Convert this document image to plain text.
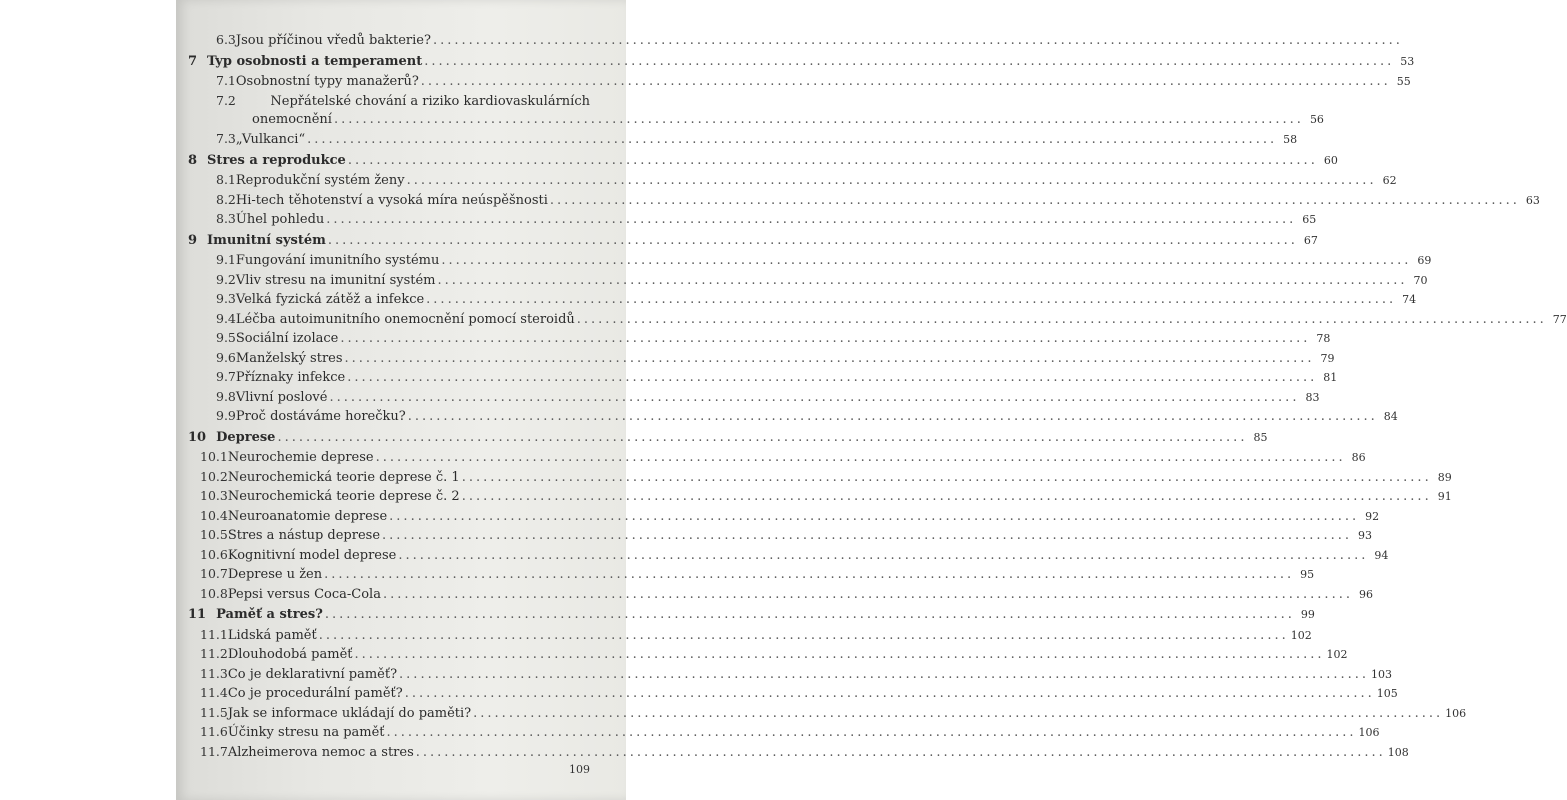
6.3 Jsou příčinou vředů bakterie?
.....
7 Typ osobnosti a temperament .....	53
7.1 Osobnostní typy manažerů? .....	55
7.2	Nepřátelské chování a riziko kardiovaskulárních
onemocnění .....	56
7.3 „Vulkanci“ .....	58
8 Stres a reprodukce .....	60
8.1 Reprodukční systém ženy .....	62
8.2 Hi-tech těhotenství a vysoká míra neúspěšnosti .....	63
8.3 Úhel pohledu .....	65
9 Imunitní systém .....	67
9.1 Fungování imunitního systému .....	69
9.2 Vliv stresu na imunitní systém .....	70
9.3 Velká fyzická zátěž a infekce .....	74
9.4 Léčba autoimunitního onemocnění pomocí steroidů .....	77
9.5 Sociální izolace .....	78
9.6 Manželský stres .....	79
9.7 Příznaky infekce .....	81
9.8 Vlivní poslové .....	83
9.9 Proč dostáváme horečku? .....	84
10 Deprese .....	85
10.1 Neurochemie deprese .....	86
10.2 Neurochemická teorie deprese č. 1 .....	89
10.3 Neurochemická teorie deprese č. 2 .....	91
10.4 Neuroanatomie deprese .....	92
10.5 Stres a nástup deprese .....	93
10.6 Kognitivní model deprese .....	94
10.7 Deprese u žen .....	95
10.8 Pepsi versus Coca-Cola .....	96
11 Paměť a stres? .....	99
11.1 Lidská paměť .....	102
11.2 Dlouhodobá paměť .....	102
11.3 Co je deklarativní paměť? .....	103
11.4 Co je procedurální paměť? .....	105
11.5 Jak se informace ukládají do paměti? .....	106
11.6 Účinky stresu na paměť .....	106
11.7 Alzheimerova nemoc a stres .....	108
109
